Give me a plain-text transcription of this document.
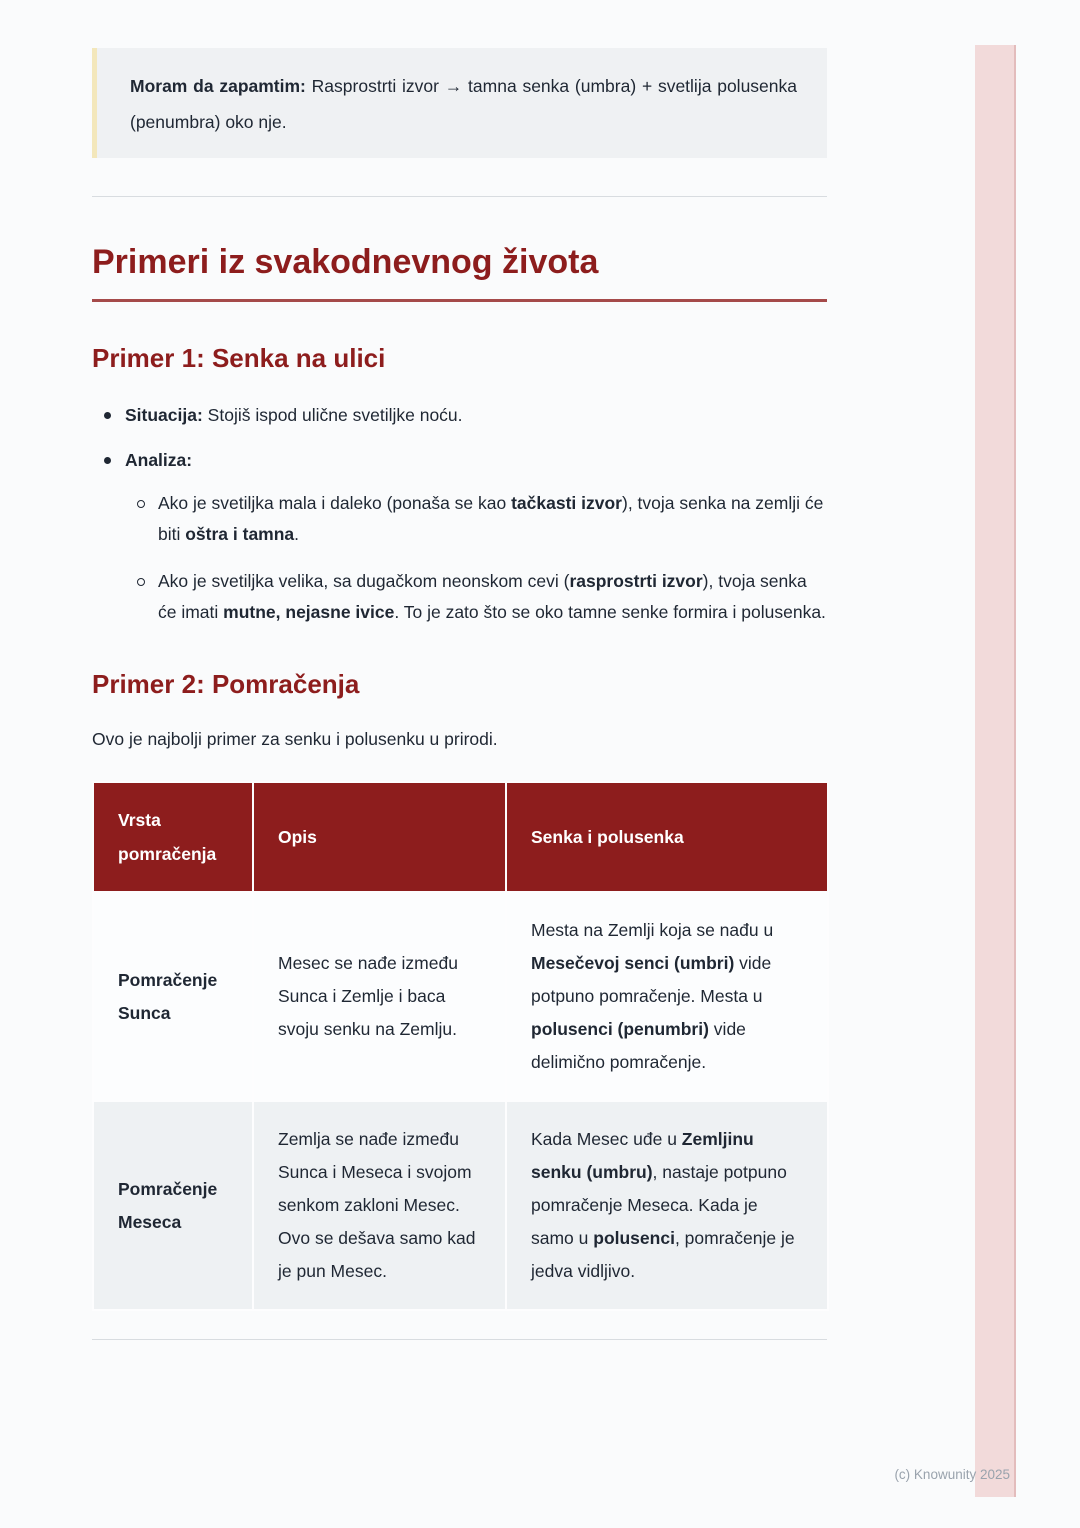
Moram da zapamtim: Rasprostrti izvor → tamna senka (umbra) + svetlija polusenka (penumbra) oko nje.

Primeri iz svakodnevnog života
Primer 1: Senka na ulici
Situacija: Stojiš ispod ulične svetiljke noću.
Analiza:
Ako je svetiljka mala i daleko (ponaša se kao tačkasti izvor), tvoja senka na zemlji će biti oštra i tamna.
Ako je svetiljka velika, sa dugačkom neonskom cevi (rasprostrti izvor), tvoja senka će imati mutne, nejasne ivice. To je zato što se oko tamne senke formira i polusenka.
Primer 2: Pomračenja

Ovo je najbolji primer za senku i polusenku u prirodi.

Vrsta pomračenja	Opis	Senka i polusenka
Pomračenje Sunca	Mesec se nađe između Sunca i Zemlje i baca svoju senku na Zemlju.	Mesta na Zemlji koja se nađu u Mesečevoj senci (umbri) vide potpuno pomračenje. Mesta u polusenci (penumbri) vide delimično pomračenje.
Pomračenje Meseca	Zemlja se nađe između Sunca i Meseca i svojom senkom zakloni Mesec. Ovo se dešava samo kad je pun Mesec.	Kada Mesec uđe u Zemljinu senku (umbru), nastaje potpuno pomračenje Meseca. Kada je samo u polusenci, pomračenje je jedva vidljivo.
(c) Knowunity 2025
